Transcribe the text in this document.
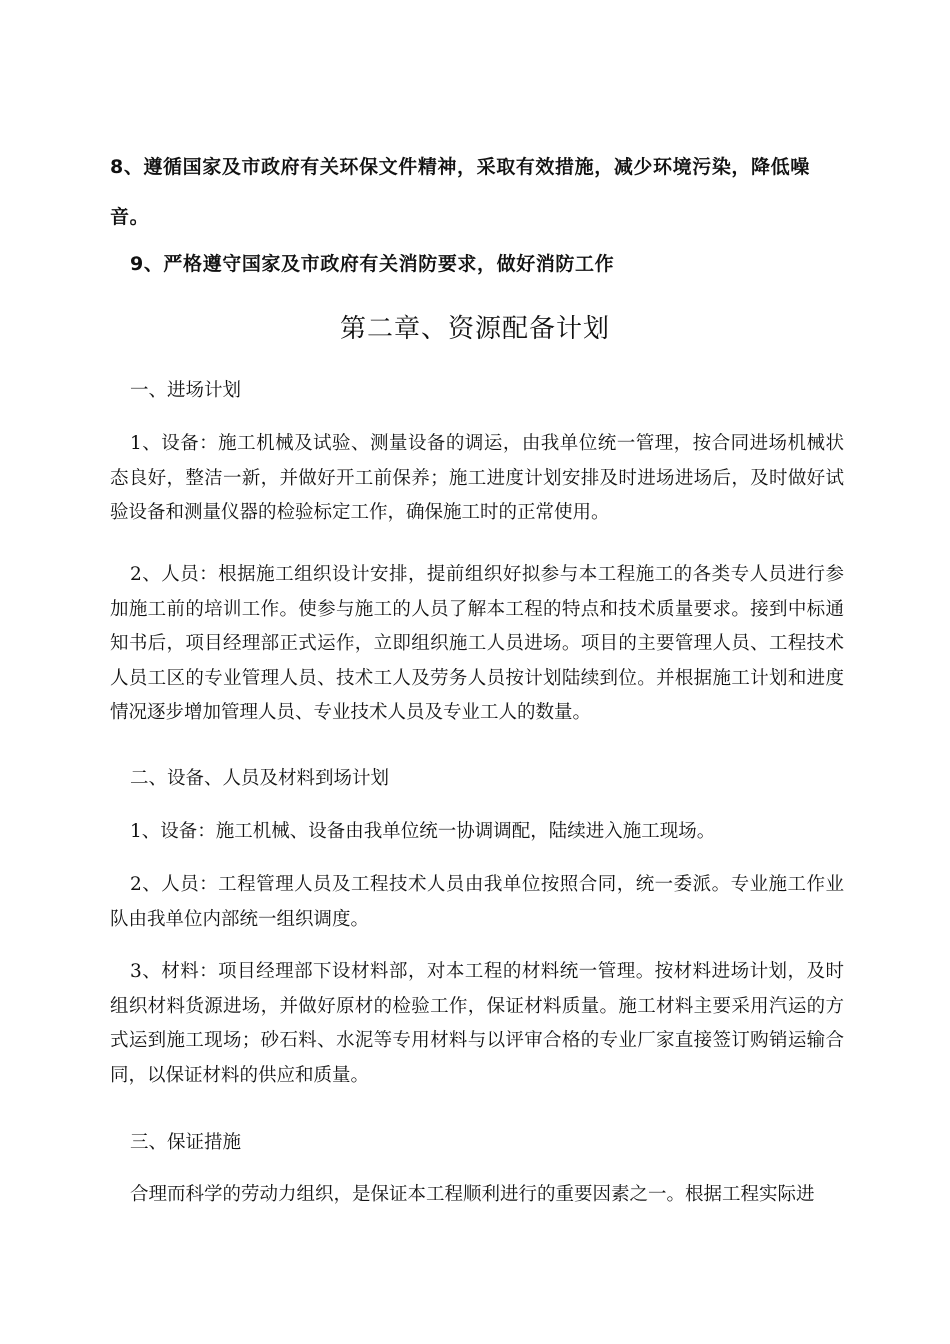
8、遵循国家及市政府有关环保文件精神，采取有效措施，减少环境污染，降低噪
音。
9、严格遵守国家及市政府有关消防要求，做好消防工作
第二章、资源配备计划
一、进场计划
1、设备：施工机械及试验、测量设备的调运，由我单位统一管理，按合同进场机械状态良好，整洁一新，并做好开工前保养；施工进度计划安排及时进场进场后，及时做好试验设备和测量仪器的检验标定工作，确保施工时的正常使用。
2、人员：根据施工组织设计安排，提前组织好拟参与本工程施工的各类专人员进行参加施工前的培训工作。使参与施工的人员了解本工程的特点和技术质量要求。接到中标通知书后，项目经理部正式运作，立即组织施工人员进场。项目的主要管理人员、工程技术人员工区的专业管理人员、技术工人及劳务人员按计划陆续到位。并根据施工计划和进度情况逐步增加管理人员、专业技术人员及专业工人的数量。
二、设备、人员及材料到场计划
1、设备：施工机械、设备由我单位统一协调调配，陆续进入施工现场。
2、人员：工程管理人员及工程技术人员由我单位按照合同，统一委派。专业施工作业队由我单位内部统一组织调度。
3、材料：项目经理部下设材料部，对本工程的材料统一管理。按材料进场计划，及时组织材料货源进场，并做好原材的检验工作，保证材料质量。施工材料主要采用汽运的方式运到施工现场；砂石料、水泥等专用材料与以评审合格的专业厂家直接签订购销运输合同，以保证材料的供应和质量。
三、保证措施
合理而科学的劳动力组织，是保证本工程顺利进行的重要因素之一。根据工程实际进
